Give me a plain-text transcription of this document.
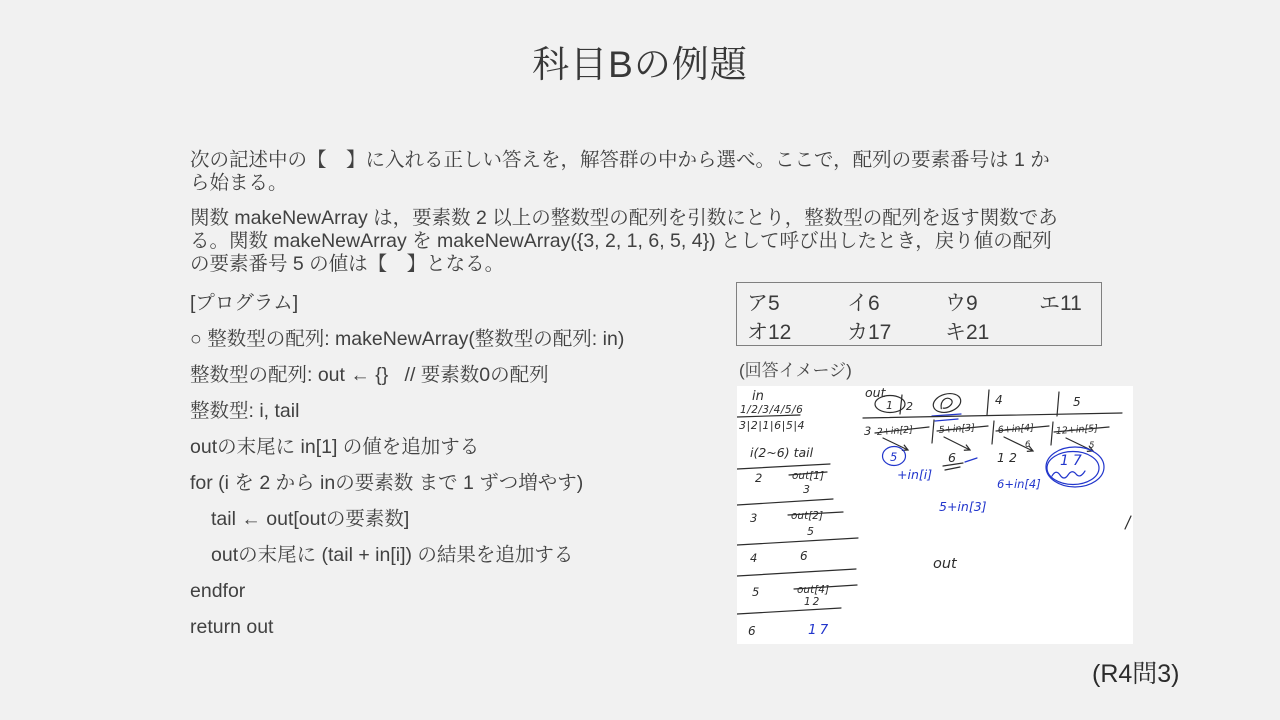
科目Bの例題

次の記述中の【　】に入れる正しい答えを，解答群の中から選べ。ここで，配列の要素番号は 1 から始まる。

関数 makeNewArray は，要素数 2 以上の整数型の配列を引数にとり，整数型の配列を返す関数である。関数 makeNewArray を makeNewArray({3, 2, 1, 6, 5, 4}) として呼び出したとき，戻り値の配列の要素番号 5 の値は【　】となる。

[プログラム]

○ 整数型の配列: makeNewArray(整数型の配列: in)

整数型の配列: out ← {}   // 要素数0の配列

整数型: i, tail

outの末尾に in[1] の値を追加する

for (i を 2 から inの要素数 まで 1 ずつ増やす)

tail ← out[outの要素数]

outの末尾に (tail + in[i]) の結果を追加する

endfor

return out

ア5	イ6	ウ9	エ11
オ12	カ17	キ21
(回答イメージ)
in
1/2/3/4/5/6
3|2|1|6|5|4
i(2~6) tail
2	out[1]
3
3	out[2]
5
4	6
5	out[4]
12
6	17
out
1 2	4	5
3 2+in[2]	5+in[3] 6+in[4] 12+in[5]
6	5
5	6	12	17
+in[i]
6+in[4]
5+in[3]
out
(R4問3)
